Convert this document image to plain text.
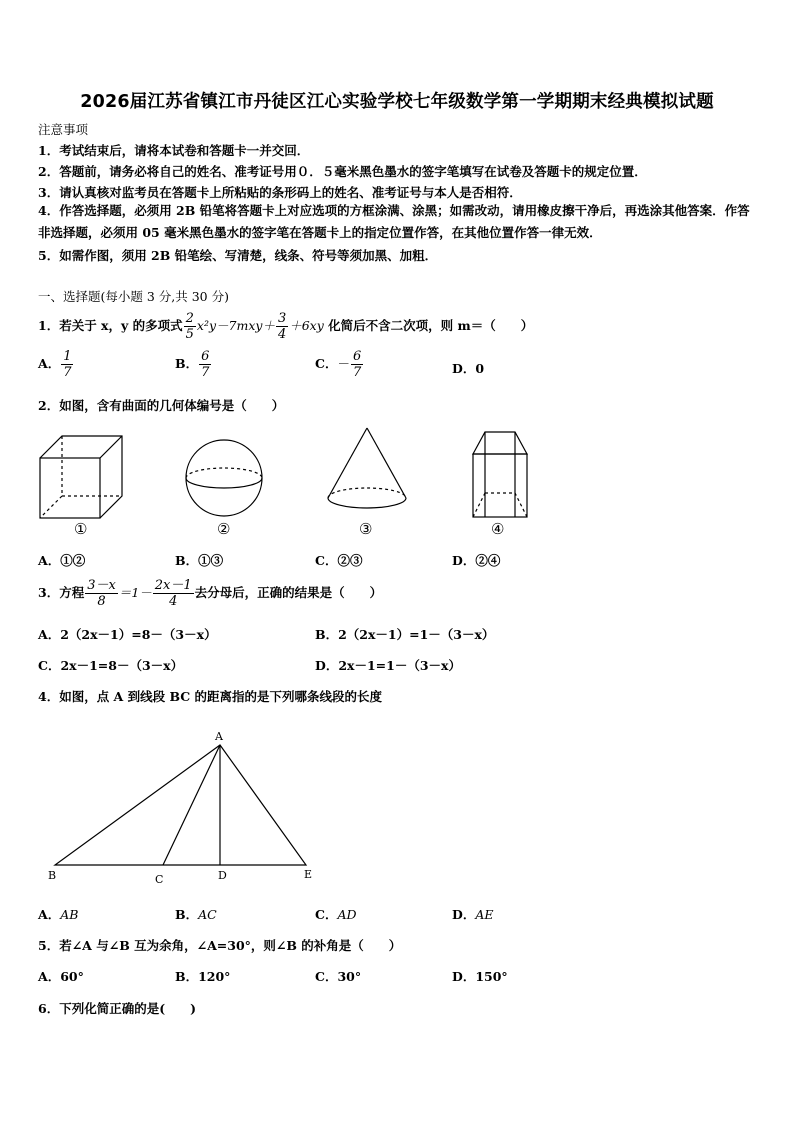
2026届江苏省镇江市丹徒区江心实验学校七年级数学第一学期期末经典模拟试题
注意事项
1．考试结束后，请将本试卷和答题卡一并交回．
2．答题前，请务必将自己的姓名、准考证号用０．５毫米黑色墨水的签字笔填写在试卷及答题卡的规定位置．
3．请认真核对监考员在答题卡上所粘贴的条形码上的姓名、准考证号与本人是否相符．
4．作答选择题，必须用 2B 铅笔将答题卡上对应选项的方框涂满、涂黑；如需改动，请用橡皮擦干净后，再选涂其他答案．作答非选择题，必须用 05 毫米黑色墨水的签字笔在答题卡上的指定位置作答，在其他位置作答一律无效．
5．如需作图，须用 2B 铅笔绘、写清楚，线条、符号等须加黑、加粗．
一、选择题(每小题 3 分,共 30 分)
1．若关于 x，y 的多项式 $\frac{2}{5} x^2y-7mxy+ \frac{3}{4} +6xy$ 化简后不含二次项，则 m＝（　　）
A． $\frac{1}{7}$	B． $\frac{6}{7}$	C．－ $\frac{6}{7}$	D．0
2．如图，含有曲面的几何体编号是（　　）
①	②	③	④
A．①②	B．①③	C．②③	D．②④
3．方程 $\frac{3-x}{8} =1- \frac{2x-1}{4}$ 去分母后，正确的结果是（　　）
A．2（2x－1）=8－（3－x）	B．2（2x－1）=1－（3－x）
C．2x－1=8－（3－x）	D．2x－1=1－（3－x）
4．如图，点 A 到线段 BC 的距离指的是下列哪条线段的长度
A
B	C	D	E
A．AB	B．AC	C．AD	D．AE
5．若∠A 与∠B 互为余角，∠A=30°，则∠B 的补角是（　　）
A．60°	B．120°	C．30°	D．150°
6．下列化简正确的是(　　)
